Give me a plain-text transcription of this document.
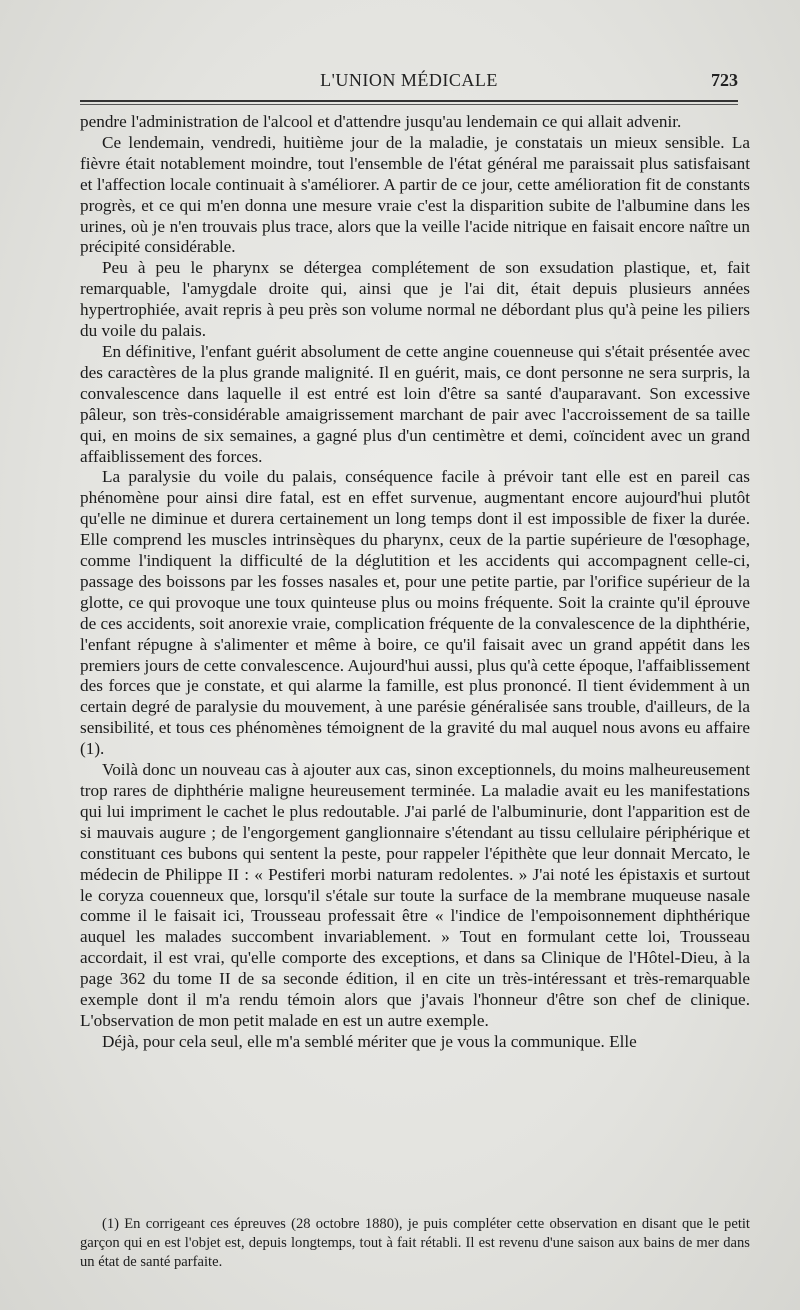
L'UNION MÉDICALE	723

pendre l'administration de l'alcool et d'attendre jusqu'au lendemain ce qui allait advenir.

Ce lendemain, vendredi, huitième jour de la maladie, je constatais un mieux sensible. La fièvre était notablement moindre, tout l'ensemble de l'état général me paraissait plus satisfaisant et l'affection locale continuait à s'améliorer. A partir de ce jour, cette amélioration fit de constants progrès, et ce qui m'en donna une mesure vraie c'est la disparition subite de l'albumine dans les urines, où je n'en trouvais plus trace, alors que la veille l'acide nitrique en faisait encore naître un précipité considérable.

Peu à peu le pharynx se détergea complétement de son exsudation plastique, et, fait remarquable, l'amygdale droite qui, ainsi que je l'ai dit, était depuis plusieurs années hypertrophiée, avait repris à peu près son volume normal ne débordant plus qu'à peine les piliers du voile du palais.

En définitive, l'enfant guérit absolument de cette angine couenneuse qui s'était présentée avec des caractères de la plus grande malignité. Il en guérit, mais, ce dont personne ne sera surpris, la convalescence dans laquelle il est entré est loin d'être sa santé d'auparavant. Son excessive pâleur, son très-considérable amaigrissement marchant de pair avec l'accroissement de sa taille qui, en moins de six semaines, a gagné plus d'un centimètre et demi, coïncident avec un grand affaiblissement des forces.

La paralysie du voile du palais, conséquence facile à prévoir tant elle est en pareil cas phénomène pour ainsi dire fatal, est en effet survenue, augmentant encore aujourd'hui plutôt qu'elle ne diminue et durera certainement un long temps dont il est impossible de fixer la durée. Elle comprend les muscles intrinsèques du pharynx, ceux de la partie supérieure de l'œsophage, comme l'indiquent la difficulté de la déglutition et les accidents qui accompagnent celle-ci, passage des boissons par les fosses nasales et, pour une petite partie, par l'orifice supérieur de la glotte, ce qui provoque une toux quinteuse plus ou moins fréquente. Soit la crainte qu'il éprouve de ces accidents, soit anorexie vraie, complication fréquente de la convalescence de la diphthérie, l'enfant répugne à s'alimenter et même à boire, ce qu'il faisait avec un grand appétit dans les premiers jours de cette convalescence. Aujourd'hui aussi, plus qu'à cette époque, l'affaiblissement des forces que je constate, et qui alarme la famille, est plus prononcé. Il tient évidemment à un certain degré de paralysie du mouvement, à une parésie généralisée sans trouble, d'ailleurs, de la sensibilité, et tous ces phénomènes témoignent de la gravité du mal auquel nous avons eu affaire (1).

Voilà donc un nouveau cas à ajouter aux cas, sinon exceptionnels, du moins malheureusement trop rares de diphthérie maligne heureusement terminée. La maladie avait eu les manifestations qui lui impriment le cachet le plus redoutable. J'ai parlé de l'albuminurie, dont l'apparition est de si mauvais augure ; de l'engorgement ganglionnaire s'étendant au tissu cellulaire périphérique et constituant ces bubons qui sentent la peste, pour rappeler l'épithète que leur donnait Mercato, le médecin de Philippe II : « Pestiferi morbi naturam redolentes. » J'ai noté les épistaxis et surtout le coryza couenneux que, lorsqu'il s'étale sur toute la surface de la membrane muqueuse nasale comme il le faisait ici, Trousseau professait être « l'indice de l'empoisonnement diphthérique auquel les malades succombent invariablement. » Tout en formulant cette loi, Trousseau accordait, il est vrai, qu'elle comporte des exceptions, et dans sa Clinique de l'Hôtel-Dieu, à la page 362 du tome II de sa seconde édition, il en cite un très-intéressant et très-remarquable exemple dont il m'a rendu témoin alors que j'avais l'honneur d'être son chef de clinique. L'observation de mon petit malade en est un autre exemple.

Déjà, pour cela seul, elle m'a semblé mériter que je vous la communique. Elle

(1) En corrigeant ces épreuves (28 octobre 1880), je puis compléter cette observation en disant que le petit garçon qui en est l'objet est, depuis longtemps, tout à fait rétabli. Il est revenu d'une saison aux bains de mer dans un état de santé parfaite.
